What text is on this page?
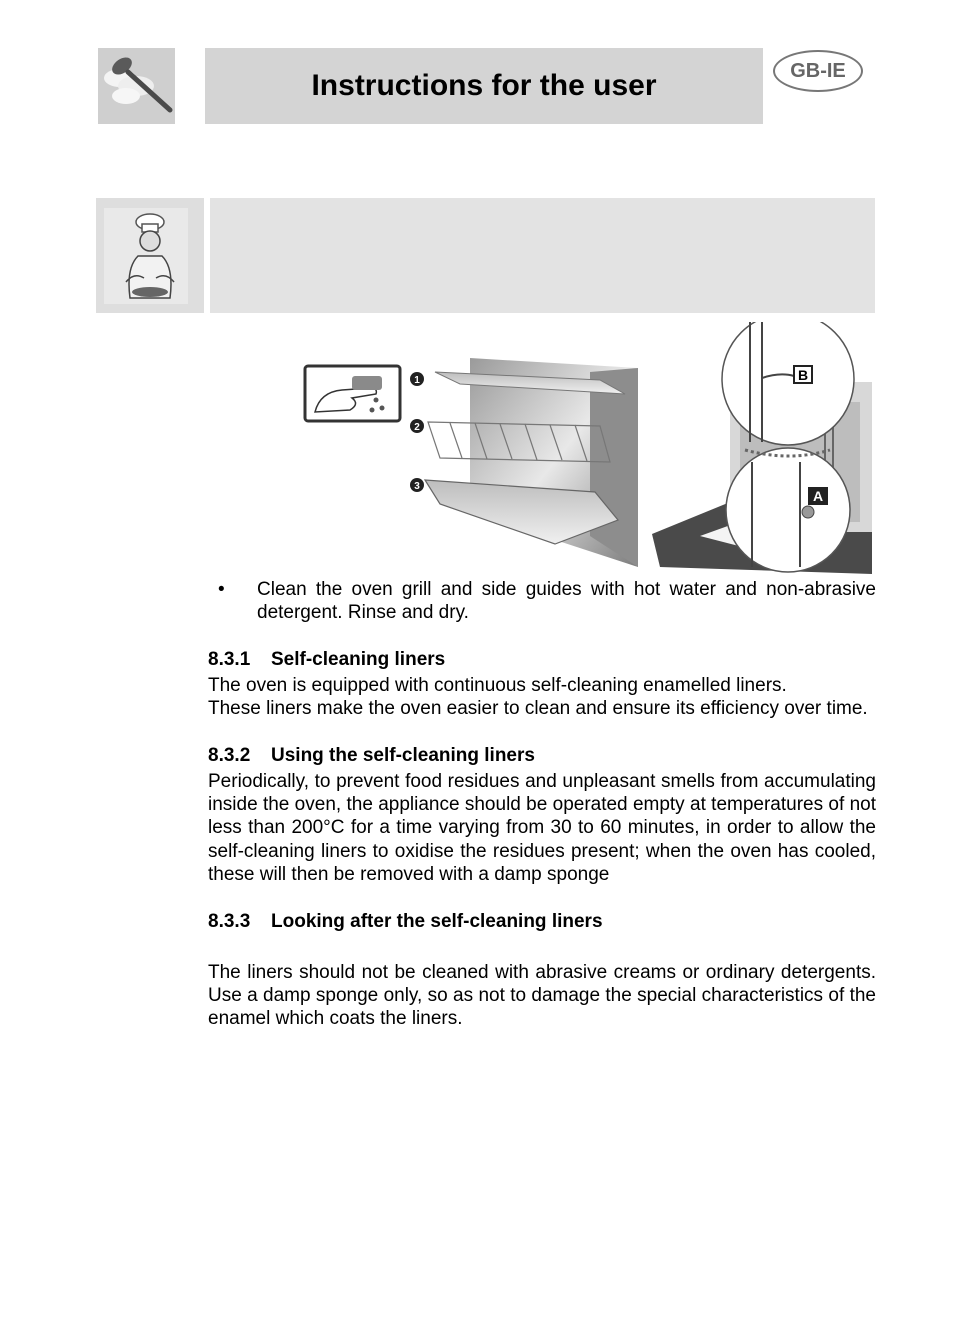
Instructions for the user	GB-IE
1
2
3
B
A

• Clean the oven grill and side guides with hot water and non-abrasive detergent. Rinse and dry.

8.3.1 Self-cleaning liners

The oven is equipped with continuous self-cleaning enamelled liners.

These liners make the oven easier to clean and ensure its efficiency over time.

8.3.2 Using the self-cleaning liners

Periodically, to prevent food residues and unpleasant smells from accumulating inside the oven, the appliance should be operated empty at temperatures of not less than 200°C for a time varying from 30 to 60 minutes, in order to allow the self-cleaning liners to oxidise the residues present; when the oven has cooled, these will then be removed with a damp sponge

8.3.3 Looking after the self-cleaning liners

The liners should not be cleaned with abrasive creams or ordinary detergents. Use a damp sponge only, so as not to damage the special characteristics of the enamel which coats the liners.
